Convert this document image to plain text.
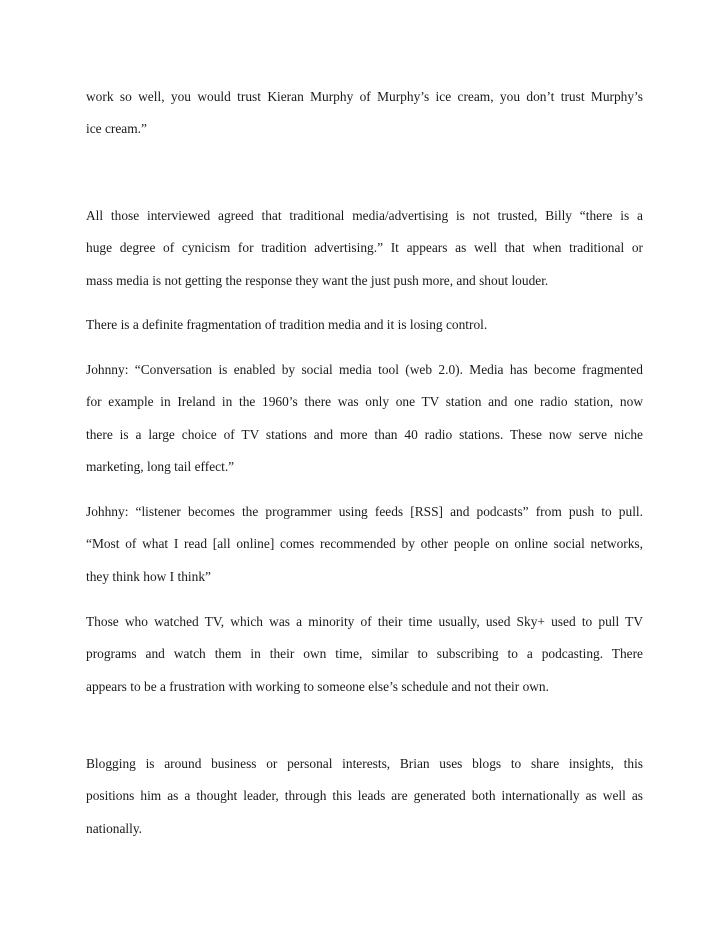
work so well, you would trust Kieran Murphy of Murphy’s ice cream, you don’t trust Murphy’s
ice cream.”
All those interviewed agreed that traditional media/advertising is not trusted, Billy “there is a
huge degree of cynicism for tradition advertising.” It appears as well that when traditional or
mass media is not getting the response they want the just push more, and shout louder.
There is a definite fragmentation of tradition media and it is losing control.
Johnny: “Conversation is enabled by social media tool (web 2.0). Media has become fragmented
for example in Ireland in the 1960’s there was only one TV station and one radio station, now
there is a large choice of TV stations and more than 40 radio stations. These now serve niche
marketing, long tail effect.”
Johhny: “listener becomes the programmer using feeds [RSS] and podcasts” from push to pull.
“Most of what I read [all online] comes recommended by other people on online social networks,
they think how I think”
Those who watched TV, which was a minority of their time usually, used Sky+ used to pull TV
programs and watch them in their own time, similar to subscribing to a podcasting. There
appears to be a frustration with working to someone else’s schedule and not their own.
Blogging is around business or personal interests, Brian uses blogs to share insights, this
positions him as a thought leader, through this leads are generated both internationally as well as
nationally.
